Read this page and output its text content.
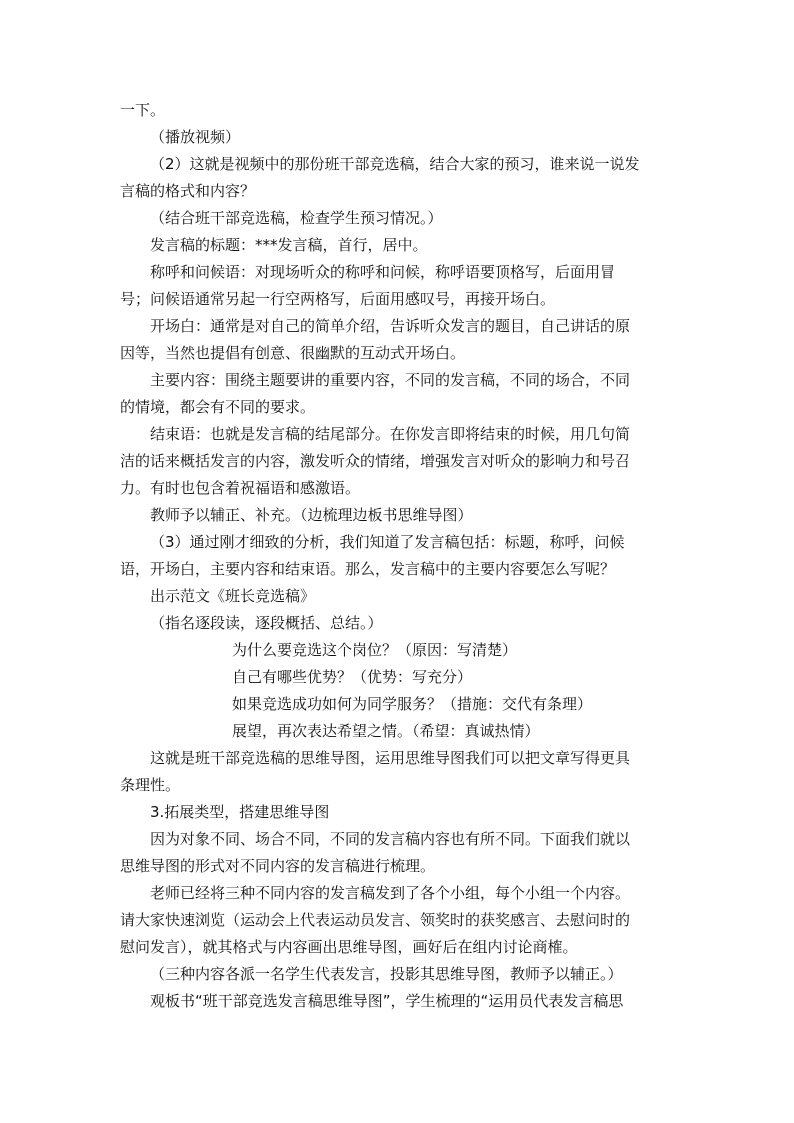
一下。
（播放视频）
（2）这就是视频中的那份班干部竞选稿，结合大家的预习，谁来说一说发
言稿的格式和内容？
（结合班干部竞选稿，检查学生预习情况。）
发言稿的标题：***发言稿，首行，居中。
称呼和问候语：对现场听众的称呼和问候，称呼语要顶格写，后面用冒
号；问候语通常另起一行空两格写，后面用感叹号，再接开场白。
开场白：通常是对自己的简单介绍，告诉听众发言的题目，自己讲话的原
因等，当然也提倡有创意、很幽默的互动式开场白。
主要内容：围绕主题要讲的重要内容，不同的发言稿，不同的场合，不同
的情境，都会有不同的要求。
结束语：也就是发言稿的结尾部分。在你发言即将结束的时候，用几句简
洁的话来概括发言的内容，激发听众的情绪，增强发言对听众的影响力和号召
力。有时也包含着祝福语和感激语。
教师予以辅正、补充。（边梳理边板书思维导图）
（3）通过刚才细致的分析，我们知道了发言稿包括：标题，称呼，问候
语，开场白，主要内容和结束语。那么，发言稿中的主要内容要怎么写呢？
出示范文《班长竞选稿》
（指名逐段读，逐段概括、总结。）
为什么要竞选这个岗位？（原因：写清楚）
自己有哪些优势？（优势：写充分）
如果竞选成功如何为同学服务？（措施：交代有条理）
展望，再次表达希望之情。（希望：真诚热情）
这就是班干部竞选稿的思维导图，运用思维导图我们可以把文章写得更具
条理性。
3.拓展类型，搭建思维导图
因为对象不同、场合不同，不同的发言稿内容也有所不同。下面我们就以
思维导图的形式对不同内容的发言稿进行梳理。
老师已经将三种不同内容的发言稿发到了各个小组，每个小组一个内容。
请大家快速浏览（运动会上代表运动员发言、领奖时的获奖感言、去慰问时的
慰问发言），就其格式与内容画出思维导图，画好后在组内讨论商榷。
（三种内容各派一名学生代表发言，投影其思维导图，教师予以辅正。）
观板书“班干部竞选发言稿思维导图”，学生梳理的“运用员代表发言稿思
